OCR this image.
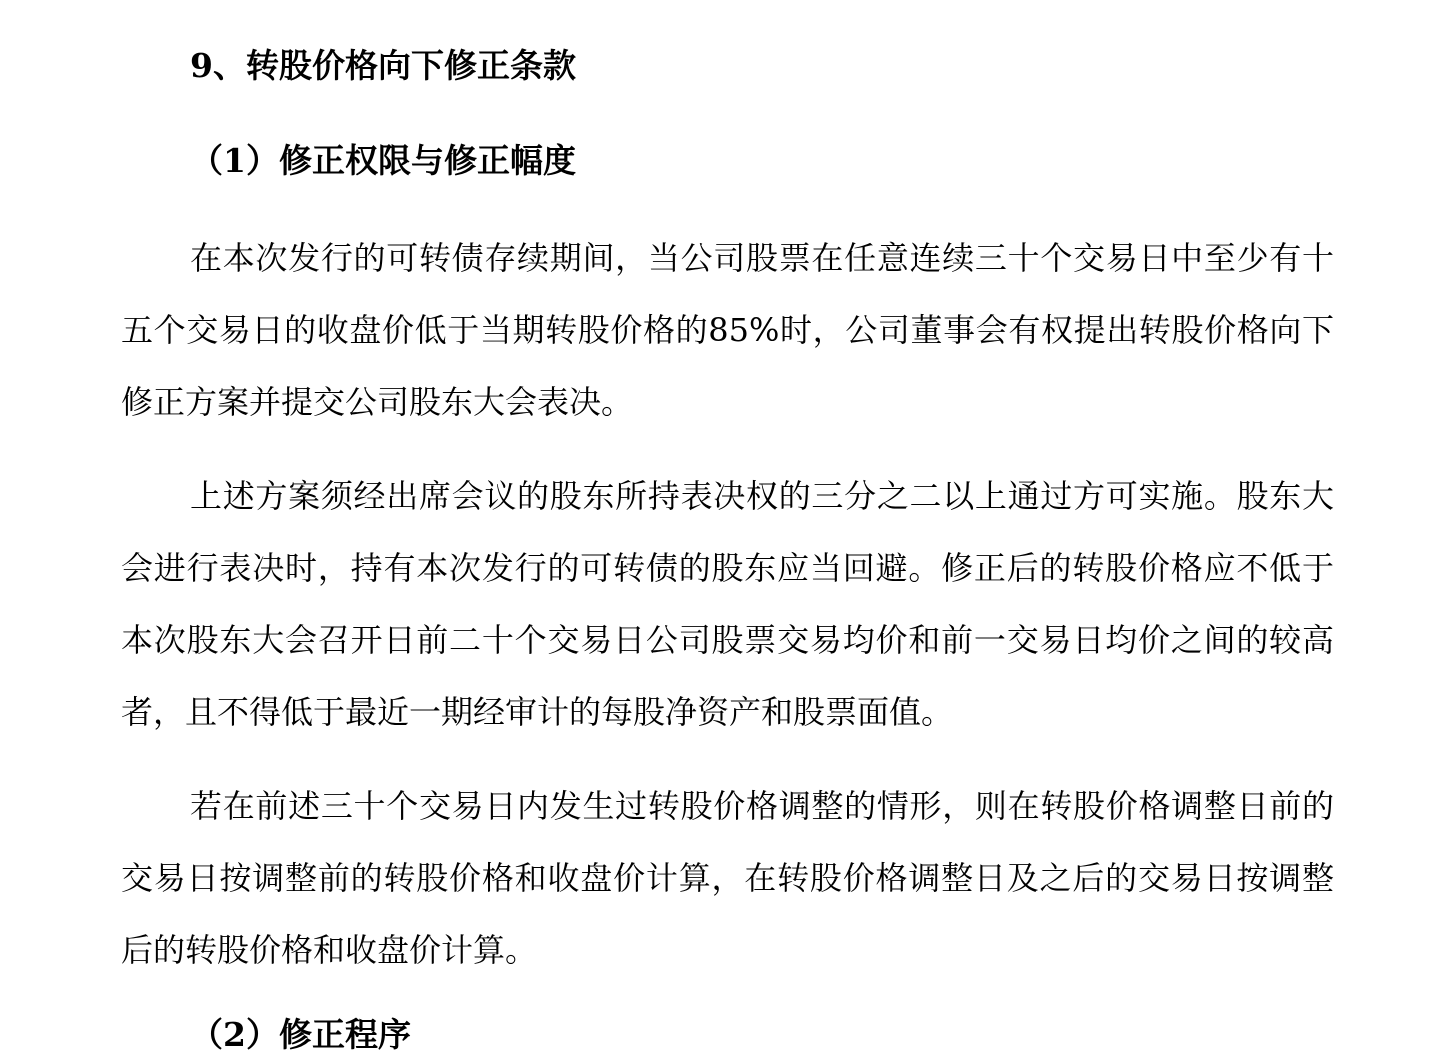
9、转股价格向下修正条款
（1）修正权限与修正幅度

在本次发行的可转债存续期间，当公司股票在任意连续三十个交易日中至少有十五个交易日的收盘价低于当期转股价格的85%时，公司董事会有权提出转股价格向下修正方案并提交公司股东大会表决。

上述方案须经出席会议的股东所持表决权的三分之二以上通过方可实施。股东大会进行表决时，持有本次发行的可转债的股东应当回避。修正后的转股价格应不低于本次股东大会召开日前二十个交易日公司股票交易均价和前一交易日均价之间的较高者，且不得低于最近一期经审计的每股净资产和股票面值。

若在前述三十个交易日内发生过转股价格调整的情形，则在转股价格调整日前的交易日按调整前的转股价格和收盘价计算，在转股价格调整日及之后的交易日按调整后的转股价格和收盘价计算。

（2）修正程序
